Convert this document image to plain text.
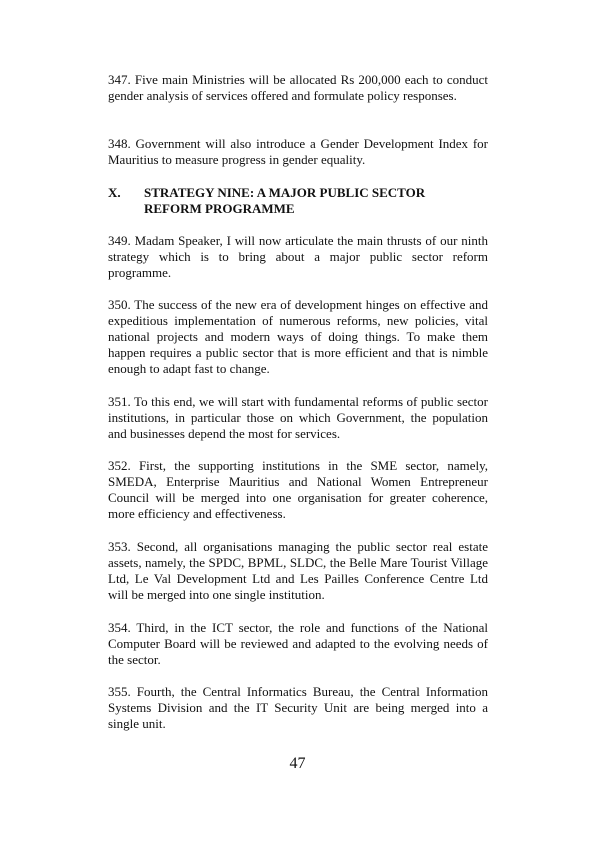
347. Five main Ministries will be allocated Rs 200,000 each to conduct gender analysis of services offered and formulate policy responses.
348. Government will also introduce a Gender Development Index for Mauritius to measure progress in gender equality.
X. STRATEGY NINE: A MAJOR PUBLIC SECTOR REFORM PROGRAMME
349. Madam Speaker, I will now articulate the main thrusts of our ninth strategy which is to bring about a major public sector reform programme.
350. The success of the new era of development hinges on effective and expeditious implementation of numerous reforms, new policies, vital national projects and modern ways of doing things. To make them happen requires a public sector that is more efficient and that is nimble enough to adapt fast to change.
351. To this end, we will start with fundamental reforms of public sector institutions, in particular those on which Government, the population and businesses depend the most for services.
352. First, the supporting institutions in the SME sector, namely, SMEDA, Enterprise Mauritius and National Women Entrepreneur Council will be merged into one organisation for greater coherence, more efficiency and effectiveness.
353. Second, all organisations managing the public sector real estate assets, namely, the SPDC, BPML, SLDC, the Belle Mare Tourist Village Ltd, Le Val Development Ltd and Les Pailles Conference Centre Ltd will be merged into one single institution.
354. Third, in the ICT sector, the role and functions of the National Computer Board will be reviewed and adapted to the evolving needs of the sector.
355. Fourth, the Central Informatics Bureau, the Central Information Systems Division and the IT Security Unit are being merged into a single unit.
47
